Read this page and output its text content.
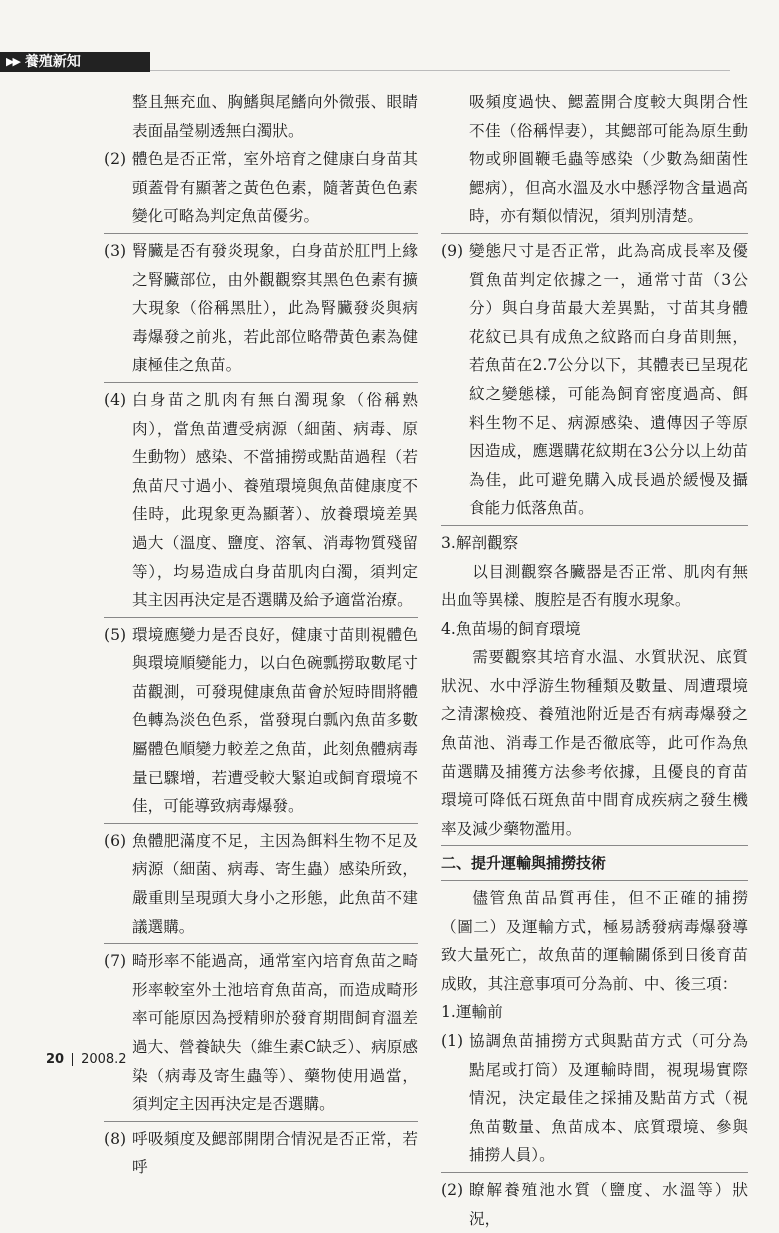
▶▶ 養殖新知

整且無充血、胸鰭與尾鰭向外微張、眼睛表面晶瑩剔透無白濁狀。

(2) 體色是否正常，室外培育之健康白身苗其頭蓋骨有顯著之黃色色素，隨著黃色色素變化可略為判定魚苗優劣。
(3) 腎臟是否有發炎現象，白身苗於肛門上緣之腎臟部位，由外觀觀察其黑色色素有擴大現象（俗稱黑肚），此為腎臟發炎與病毒爆發之前兆，若此部位略帶黃色素為健康極佳之魚苗。
(4) 白身苗之肌肉有無白濁現象（俗稱熟肉），當魚苗遭受病源（細菌、病毒、原生動物）感染、不當捕撈或點苗過程（若魚苗尺寸過小、養殖環境與魚苗健康度不佳時，此現象更為顯著）、放養環境差異過大（溫度、鹽度、溶氧、消毒物質殘留等），均易造成白身苗肌肉白濁，須判定其主因再決定是否選購及給予適當治療。
(5) 環境應變力是否良好，健康寸苗則視體色與環境順變能力，以白色碗瓢撈取數尾寸苗觀測，可發現健康魚苗會於短時間將體色轉為淡色色系，當發現白瓢內魚苗多數屬體色順變力較差之魚苗，此刻魚體病毒量已驟增，若遭受較大緊迫或飼育環境不佳，可能導致病毒爆發。
(6) 魚體肥滿度不足，主因為餌料生物不足及病源（細菌、病毒、寄生蟲）感染所致，嚴重則呈現頭大身小之形態，此魚苗不建議選購。
(7) 畸形率不能過高，通常室內培育魚苗之畸形率較室外土池培育魚苗高，而造成畸形率可能原因為授精卵於發育期間飼育溫差過大、營養缺失（維生素C缺乏）、病原感染（病毒及寄生蟲等）、藥物使用過當，須判定主因再決定是否選購。
(8) 呼吸頻度及鰓部開閉合情況是否正常，若呼

吸頻度過快、鰓蓋開合度較大與閉合性不佳（俗稱悍妻），其鰓部可能為原生動物或卵圓鞭毛蟲等感染（少數為細菌性鰓病），但高水溫及水中懸浮物含量過高時，亦有類似情況，須判別清楚。

(9) 變態尺寸是否正常，此為高成長率及優質魚苗判定依據之一，通常寸苗（3公分）與白身苗最大差異點，寸苗其身體花紋已具有成魚之紋路而白身苗則無，若魚苗在2.7公分以下，其體表已呈現花紋之變態樣，可能為飼育密度過高、餌料生物不足、病源感染、遺傳因子等原因造成，應選購花紋期在3公分以上幼苗為佳，此可避免購入成長過於緩慢及攝食能力低落魚苗。

3.解剖觀察

以目測觀察各臟器是否正常、肌肉有無出血等異樣、腹腔是否有腹水現象。

4.魚苗場的飼育環境

需要觀察其培育水温、水質狀況、底質狀況、水中浮游生物種類及數量、周遭環境之清潔檢疫、養殖池附近是否有病毒爆發之魚苗池、消毒工作是否徹底等，此可作為魚苗選購及捕獲方法參考依據，且優良的育苗環境可降低石斑魚苗中間育成疾病之發生機率及減少藥物濫用。

二、提升運輸與捕撈技術

儘管魚苗品質再佳，但不正確的捕撈（圖二）及運輸方式，極易誘發病毒爆發導致大量死亡，故魚苗的運輸關係到日後育苗成敗，其注意事項可分為前、中、後三項：

1.運輸前

(1) 協調魚苗捕撈方式與點苗方式（可分為點尾或打筒）及運輸時間，視現場實際情況，決定最佳之採捕及點苗方式（視魚苗數量、魚苗成本、底質環境、參與捕撈人員）。
(2) 瞭解養殖池水質（鹽度、水溫等）狀況，
20 2008.2
